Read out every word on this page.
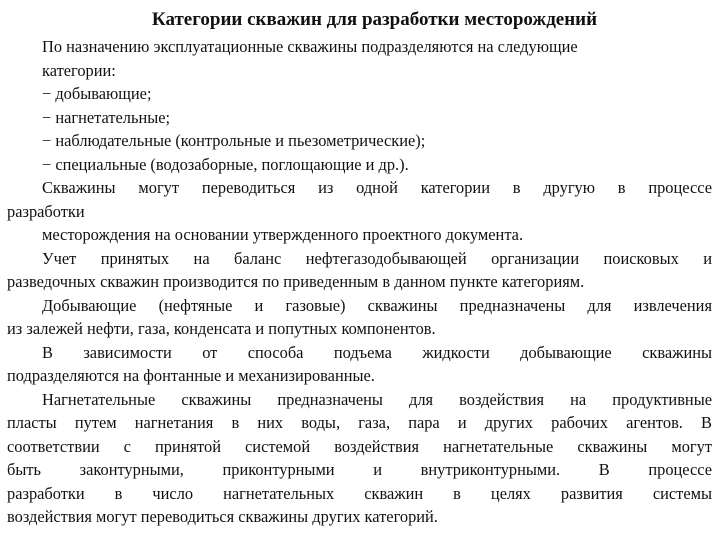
Категории скважин для разработки месторождений
По назначению эксплуатационные скважины подразделяются на следующие
категории:
− добывающие;
− нагнетательные;
− наблюдательные (контрольные и пьезометрические);
− специальные (водозаборные, поглощающие и др.).
Скважины могут переводиться из одной категории в другую в процессе
разработки
месторождения на основании утвержденного проектного документа.
Учет принятых на баланс нефтегазодобывающей организации поисковых и
разведочных скважин производится по приведенным в данном пункте категориям.
Добывающие (нефтяные и газовые) скважины предназначены для извлечения
из залежей нефти, газа, конденсата и попутных компонентов.
В зависимости от способа подъема жидкости добывающие скважины
подразделяются на фонтанные и механизированные.
Нагнетательные скважины предназначены для воздействия на продуктивные
пласты путем нагнетания в них воды, газа, пара и других рабочих агентов. В
соответствии с принятой системой воздействия нагнетательные скважины могут
быть законтурными, приконтурными и внутриконтурными. В процессе
разработки в число нагнетательных скважин в целях развития системы
воздействия могут переводиться скважины других категорий.
